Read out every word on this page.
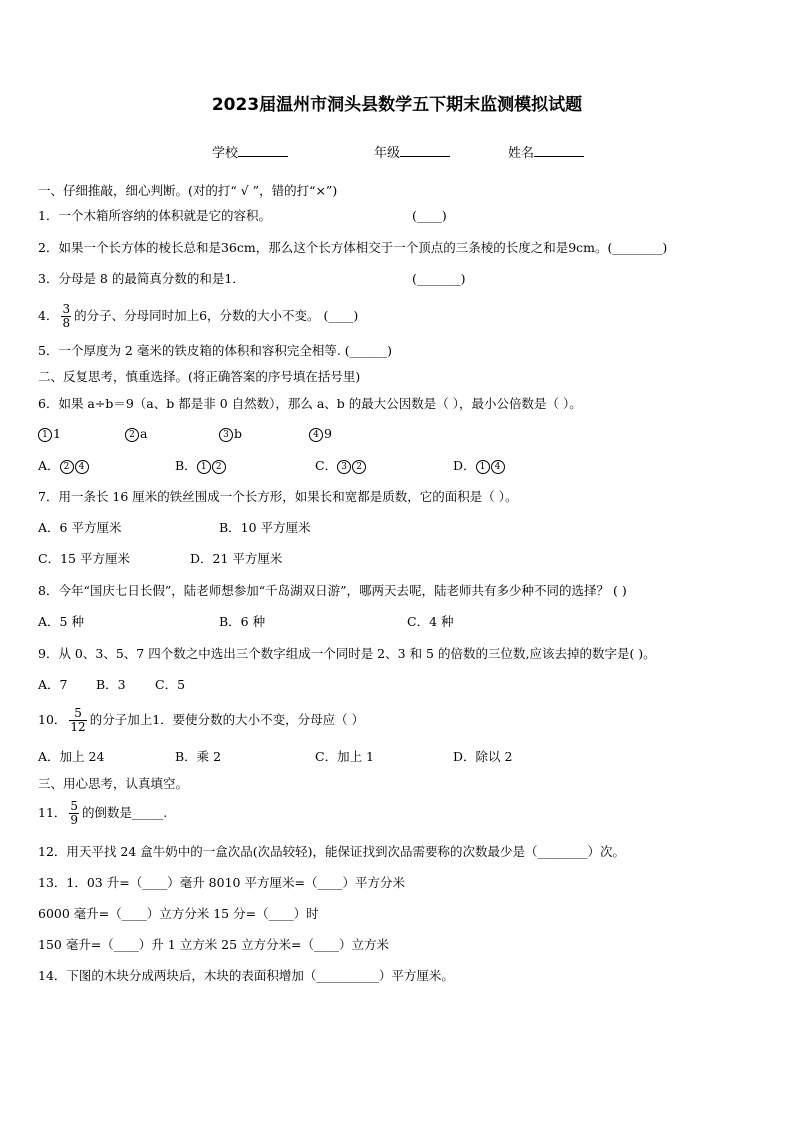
2023届温州市洞头县数学五下期末监测模拟试题
学校	年级	姓名
一、仔细推敲，细心判断。(对的打“ √ ”，错的打“×”)
1．一个木箱所容纳的体积就是它的容积。	(____)
2．如果一个长方体的棱长总和是36cm，那么这个长方体相交于一个顶点的三条棱的长度之和是9cm。(________)
3．分母是 8 的最简真分数的和是1．	(_______)
4． $\frac{3}{8}$ 的分子、分母同时加上6，分数的大小不变。 (____)
5．一个厚度为 2 毫米的铁皮箱的体积和容积完全相等. (______)
二、反复思考，慎重选择。(将正确答案的序号填在括号里)
6．如果 a÷b＝9（a、b 都是非 0 自然数），那么 a、b 的最大公因数是（ ），最小公倍数是（ ）。
1 1	2 a	3 b	4 9
A． 2 4	B． 1 2	C． 3 2	D． 1 4
7．用一条长 16 厘米的铁丝围成一个长方形，如果长和宽都是质数，它的面积是（ ）。
A．6 平方厘米	B．10 平方厘米
C．15 平方厘米	D．21 平方厘米
8．今年“国庆七日长假”，陆老师想参加“千岛湖双日游”，哪两天去呢，陆老师共有多少种不同的选择？ ( )
A．5 种	B．6 种	C．4 种
9．从 0、3、5、7 四个数之中选出三个数字组成一个同时是 2、3 和 5 的倍数的三位数,应该去掉的数字是( )。
A．7 B．3 C．5
10． $\frac{5}{12}$ 的分子加上1．要使分数的大小不变，分母应（ ）
A．加上 24	B．乘 2	C．加上 1	D．除以 2
三、用心思考，认真填空。
11． $\frac{5}{9}$ 的倒数是_____.
12．用天平找 24 盒牛奶中的一盒次品(次品较轻)，能保证找到次品需要称的次数最少是（________）次。
13．1．03 升=（____）毫升 8010 平方厘米=（____）平方分米
6000 毫升=（____）立方分米 15 分=（____）时
150 毫升=（____）升 1 立方米 25 立方分米=（____）立方米
14．下图的木块分成两块后，木块的表面积增加（__________）平方厘米。
